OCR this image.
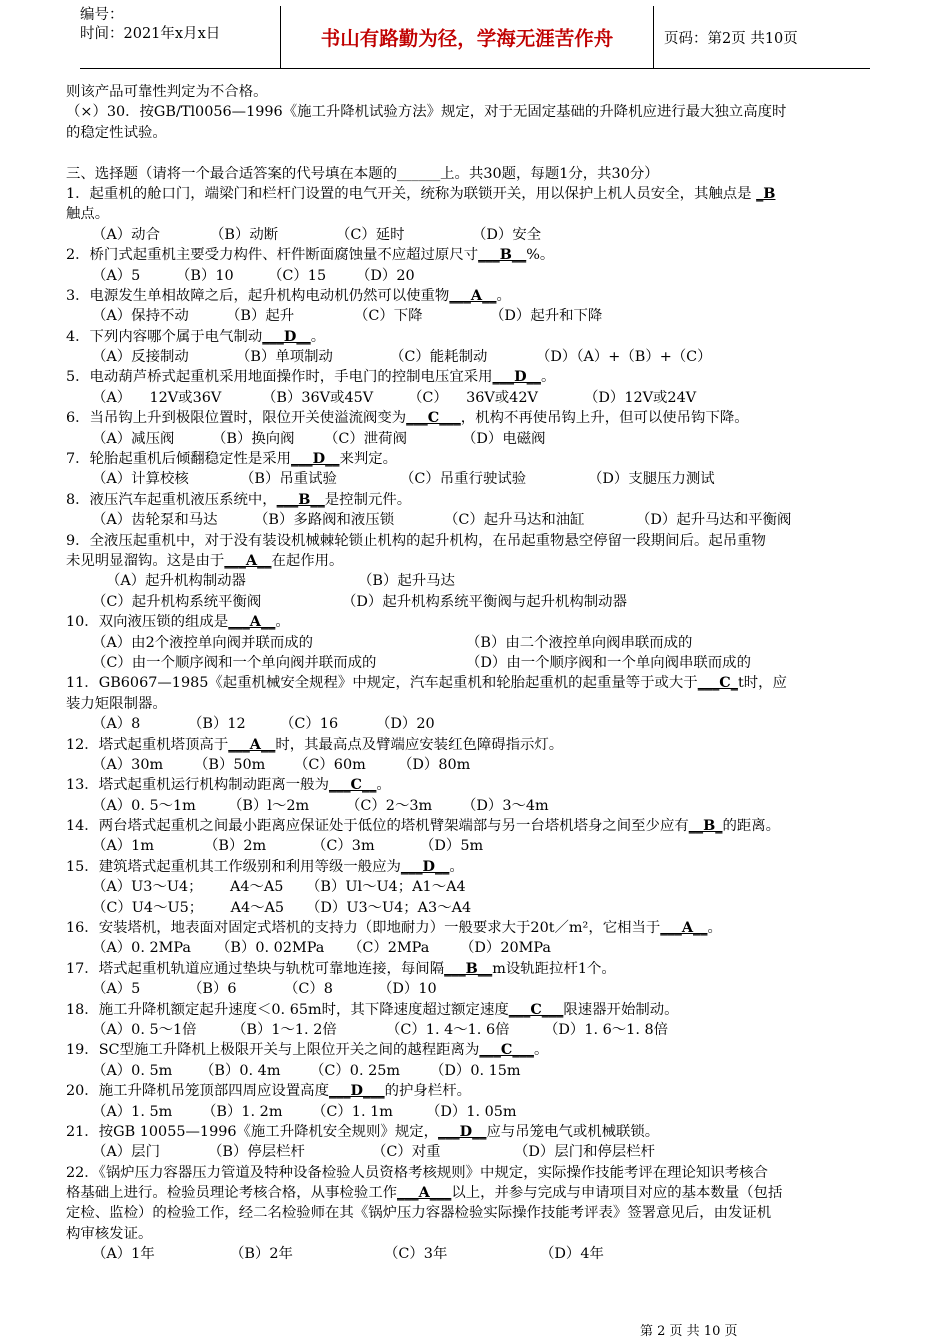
编号：
时间：2021年x月x日	书山有路勤为径，学海无涯苦作舟	页码：第2页 共10页
则该产品可靠性判定为不合格。
（×）30．按GB/Tl0056—1996《施工升降机试验方法》规定，对于无固定基础的升降机应进行最大独立高度时
的稳定性试验。
三、选择题（请将一个最合适答案的代号填在本题的______上。共30题，每题1分，共30分）
1．起重机的舱口门，端梁门和栏杆门设置的电气开关，统称为联锁开关，用以保护上机人员安全，其触点是 _B
触点。
（A）动合	（B）动断	（C）延时	（D）安全
2．桥门式起重机主要受力构件、杆件断面腐蚀量不应超过原尺寸___B__%。
（A）5	（B）10	（C）15	（D）20
3．电源发生单相故障之后，起升机构电动机仍然可以使重物___A__。
（A）保持不动	（B）起升	（C）下降	（D）起升和下降
4．下列内容哪个属于电气制动___D__。
（A）反接制动	（B）单项制动	（C）能耗制动	（D）（A）+（B）+（C）
5．电动葫芦桥式起重机采用地面操作时，手电门的控制电压宜采用___D__。
（A）    12V或36V	（B）36V或45V	（C）    36V或42V	（D）12V或24V
6．当吊钩上升到极限位置时，限位开关使溢流阀变为___C___，机构不再使吊钩上升，但可以使吊钩下降。
（A）减压阀	（B）换向阀	（C）泄荷阀	（D）电磁阀
7．轮胎起重机后倾翻稳定性是采用___D__来判定。
（A）计算校核	（B）吊重试验	（C）吊重行驶试验	（D）支腿压力测试
8．液压汽车起重机液压系统中，___B__是控制元件。
（A）齿轮泵和马达	（B）多路阀和液压锁	（C）起升马达和油缸	（D）起升马达和平衡阀
9．全液压起重机中，对于没有装设机械棘轮锁止机构的起升机构，在吊起重物悬空停留一段期间后。起吊重物
未见明显溜钩。这是由于___A__在起作用。
（A）起升机构制动器	（B）起升马达
（C）起升机构系统平衡阀	（D）起升机构系统平衡阀与起升机构制动器
10．双向液压锁的组成是___A__。
（A）由2个液控单向阀并联而成的	（B）由二个液控单向阀串联而成的
（C）由一个顺序阀和一个单向阀并联而成的	（D）由一个顺序阀和一个单向阀串联而成的
11．GB6067—1985《起重机械安全规程》中规定，汽车起重机和轮胎起重机的起重量等于或大于___C_t时，应
装力矩限制器。
（A）8	（B）12	（C）16	（D）20
12．塔式起重机塔顶高于___A__时，其最高点及臂端应安装红色障碍指示灯。
（A）30m	（B）50m	（C）60m	（D）80m
13．塔式起重机运行机构制动距离一般为___C__。
（A）0. 5～1m	（B）l～2m	（C）2～3m	（D）3～4m
14．两台塔式起重机之间最小距离应保证处于低位的塔机臂架端部与另一台塔机塔身之间至少应有__B_的距离。
（A）1m	（B）2m	（C）3m	（D）5m
15．建筑塔式起重机其工作级别和利用等级一般应为___D__。
（A）U3～U4；      A4～A5	（B）Ul～U4；A1～A4
（C）U4～U5；      A4～A5	（D）U3～U4；A3～A4
16．安装塔机，地表面对固定式塔机的支持力（即地耐力）一般要求大于20t／m²，它相当于___A__。
（A）0. 2MPa	（B）0. 02MPa	（C）2MPa	（D）20MPa
17．塔式起重机轨道应通过垫块与轨枕可靠地连接，每间隔___B__m设轨距拉杆1个。
（A）5	（B）6	（C）8	（D）10
18．施工升降机额定起升速度＜0. 65m时，其下降速度超过额定速度___C___限速器开始制动。
（A）0. 5～1倍	（B）1～1. 2倍	（C）1. 4～1. 6倍	（D）1. 6～1. 8倍
19．SC型施工升降机上极限开关与上限位开关之间的越程距离为___C___。
（A）0. 5m	（B）0. 4m	（C）0. 25m	（D）0. 15m
20．施工升降机吊笼顶部四周应设置高度___D___的护身栏杆。
（A）1. 5m	（B）1. 2m	（C）1. 1m	（D）1. 05m
21．按GB 10055—1996《施工升降机安全规则》规定，___D__应与吊笼电气或机械联锁。
（A）层门	（B）停层栏杆	（C）对重	（D）层门和停层栏杆
22．《锅炉压力容器压力管道及特种设备检验人员资格考核规则》中规定，实际操作技能考评在理论知识考核合
格基础上进行。检验员理论考核合格，从事检验工作___A___以上，并参与完成与申请项目对应的基本数量（包括
定检、监检）的检验工作，经二名检验师在其《锅炉压力容器检验实际操作技能考评表》签署意见后，由发证机
构审核发证。
（A）1年	（B）2年	（C）3年	（D）4年
第 2 页 共 10 页
